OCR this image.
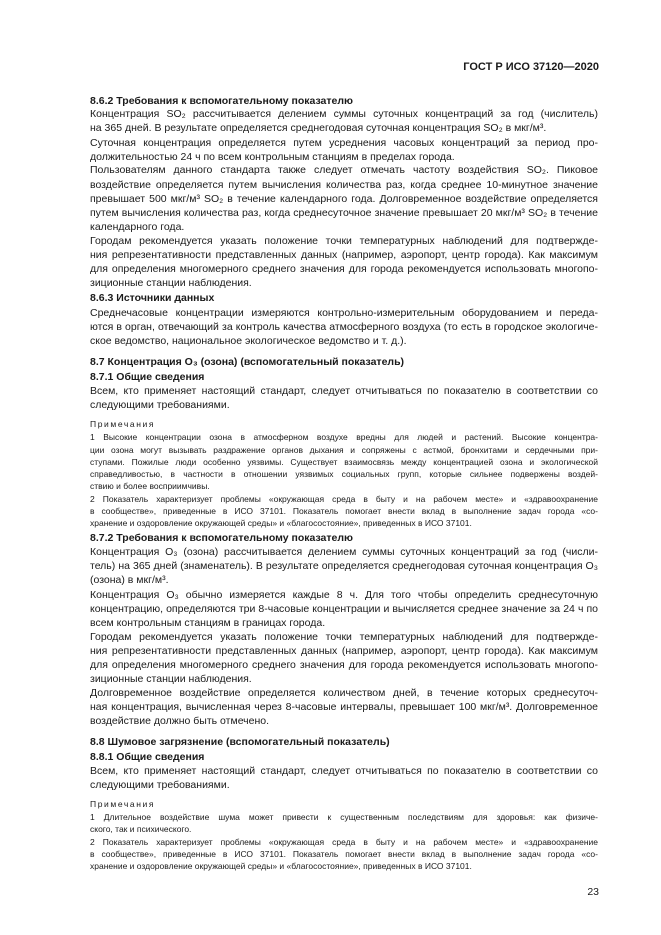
ГОСТ Р ИСО 37120—2020
8.6.2 Требования к вспомогательному показателю
Концентрация SO₂ рассчитывается делением суммы суточных концентраций за год (числитель)
на 365 дней. В результате определяется среднегодовая суточная концентрация SO₂ в мкг/м³.
Суточная концентрация определяется путем усреднения часовых концентраций за период про-
должительностью 24 ч по всем контрольным станциям в пределах города.
Пользователям данного стандарта также следует отмечать частоту воздействия SO₂. Пиковое
воздействие определяется путем вычисления количества раз, когда среднее 10-минутное значение
превышает 500 мкг/м³ SO₂ в течение календарного года. Долговременное воздействие определяется
путем вычисления количества раз, когда среднесуточное значение превышает 20 мкг/м³ SO₂ в течение
календарного года.
Городам рекомендуется указать положение точки температурных наблюдений для подтвержде-
ния репрезентативности представленных данных (например, аэропорт, центр города). Как максимум
для определения многомерного среднего значения для города рекомендуется использовать многопо-
зиционные станции наблюдения.
8.6.3 Источники данных
Среднечасовые концентрации измеряются контрольно-измерительным оборудованием и переда-
ются в орган, отвечающий за контроль качества атмосферного воздуха (то есть в городское экологиче-
ское ведомство, национальное экологическое ведомство и т. д.).
8.7 Концентрация O₃ (озона) (вспомогательный показатель)
8.7.1 Общие сведения
Всем, кто применяет настоящий стандарт, следует отчитываться по показателю в соответствии со
следующими требованиями.
Примечания
1 Высокие концентрации озона в атмосферном воздухе вредны для людей и растений. Высокие концентра-
ции озона могут вызывать раздражение органов дыхания и сопряжены с астмой, бронхитами и сердечными при-
ступами. Пожилые люди особенно уязвимы. Существует взаимосвязь между концентрацией озона и экологической
справедливостью, в частности в отношении уязвимых социальных групп, которые сильнее подвержены воздей-
ствию и более восприимчивы.
2 Показатель характеризует проблемы «окружающая среда в быту и на рабочем месте» и «здравоохранение
в сообществе», приведенные в ИСО 37101. Показатель помогает внести вклад в выполнение задач города «со-
хранение и оздоровление окружающей среды» и «благосостояние», приведенных в ИСО 37101.
8.7.2 Требования к вспомогательному показателю
Концентрация O₃ (озона) рассчитывается делением суммы суточных концентраций за год (числи-
тель) на 365 дней (знаменатель). В результате определяется среднегодовая суточная концентрация O₃
(озона) в мкг/м³.
Концентрация O₃ обычно измеряется каждые 8 ч. Для того чтобы определить среднесуточную
концентрацию, определяются три 8-часовые концентрации и вычисляется среднее значение за 24 ч по
всем контрольным станциям в границах города.
Городам рекомендуется указать положение точки температурных наблюдений для подтвержде-
ния репрезентативности представленных данных (например, аэропорт, центр города). Как максимум
для определения многомерного среднего значения для города рекомендуется использовать многопо-
зиционные станции наблюдения.
Долговременное воздействие определяется количеством дней, в течение которых среднесуточ-
ная концентрация, вычисленная через 8-часовые интервалы, превышает 100 мкг/м³. Долговременное
воздействие должно быть отмечено.
8.8 Шумовое загрязнение (вспомогательный показатель)
8.8.1 Общие сведения
Всем, кто применяет настоящий стандарт, следует отчитываться по показателю в соответствии со
следующими требованиями.
Примечания
1 Длительное воздействие шума может привести к существенным последствиям для здоровья: как физиче-
ского, так и психического.
2 Показатель характеризует проблемы «окружающая среда в быту и на рабочем месте» и «здравоохранение
в сообществе», приведенные в ИСО 37101. Показатель помогает внести вклад в выполнение задач города «со-
хранение и оздоровление окружающей среды» и «благосостояние», приведенных в ИСО 37101.
23
